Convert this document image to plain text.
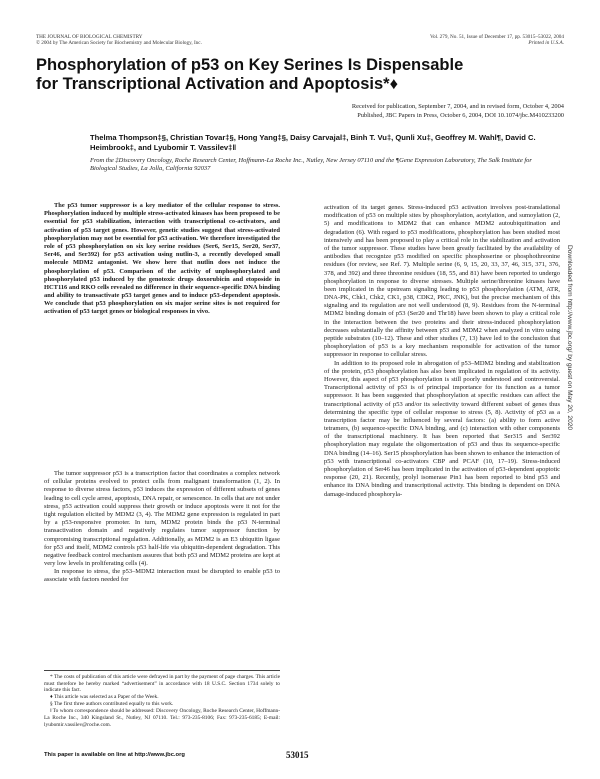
THE JOURNAL OF BIOLOGICAL CHEMISTRY
© 2004 by The American Society for Biochemistry and Molecular Biology, Inc.
Vol. 279, No. 51, Issue of December 17, pp. 53015–53022, 2004
Printed in U.S.A.
Phosphorylation of p53 on Key Serines Is Dispensable for Transcriptional Activation and Apoptosis*♦
Received for publication, September 7, 2004, and in revised form, October 4, 2004
Published, JBC Papers in Press, October 6, 2004, DOI 10.1074/jbc.M410233200
Thelma Thompson‡§, Christian Tovar‡§, Hong Yang‡§, Daisy Carvajal‡, Binh T. Vu‡, Qunli Xu‡, Geoffrey M. Wahl¶, David C. Heimbrook‡, and Lyubomir T. Vassilev‡‖
From the ‡Discovery Oncology, Roche Research Center, Hoffmann-La Roche Inc., Nutley, New Jersey 07110 and the ¶Gene Expression Laboratory, The Salk Institute for Biological Studies, La Jolla, California 92037

The p53 tumor suppressor is a key mediator of the cellular response to stress. Phosphorylation induced by multiple stress-activated kinases has been proposed to be essential for p53 stabilization, interaction with transcriptional co-activators, and activation of p53 target genes. However, genetic studies suggest that stress-activated phosphorylation may not be essential for p53 activation. We therefore investigated the role of p53 phosphorylation on six key serine residues (Ser6, Ser15, Ser20, Ser37, Ser46, and Ser392) for p53 activation using nutlin-3, a recently developed small molecule MDM2 antagonist. We show here that nutlin does not induce the phosphorylation of p53. Comparison of the activity of unphosphorylated and phosphorylated p53 induced by the genotoxic drugs doxorubicin and etoposide in HCT116 and RKO cells revealed no difference in their sequence-specific DNA binding and ability to transactivate p53 target genes and to induce p53-dependent apoptosis. We conclude that p53 phosphorylation on six major serine sites is not required for activation of p53 target genes or biological responses in vivo.

The tumor suppressor p53 is a transcription factor that coordinates a complex network of cellular proteins evolved to protect cells from malignant transformation (1, 2). In response to diverse stress factors, p53 induces the expression of different subsets of genes leading to cell cycle arrest, apoptosis, DNA repair, or senescence. In cells that are not under stress, p53 activation could suppress their growth or induce apoptosis were it not for the tight regulation elicited by MDM2 (3, 4). The MDM2 gene expression is regulated in part by a p53-responsive promoter. In turn, MDM2 protein binds the p53 N-terminal transactivation domain and negatively regulates tumor suppressor function by compromising transcriptional regulation. Additionally, as MDM2 is an E3 ubiquitin ligase for p53 and itself, MDM2 controls p53 half-life via ubiquitin-dependent degradation. This negative feedback control mechanism assures that both p53 and MDM2 proteins are kept at very low levels in proliferating cells (4).

In response to stress, the p53–MDM2 interaction must be disrupted to enable p53 to associate with factors needed for

* The costs of publication of this article were defrayed in part by the payment of page charges. This article must therefore be hereby marked “advertisement” in accordance with 18 U.S.C. Section 1734 solely to indicate this fact.

♦ This article was selected as a Paper of the Week.

§ The first three authors contributed equally to this work.

‖ To whom correspondence should be addressed: Discovery Oncology, Roche Research Center, Hoffmann-La Roche Inc., 340 Kingsland St., Nutley, NJ 07110. Tel.: 973-235-8106; Fax: 973-235-6185; E-mail: lyubomir.vassilev@roche.com.

activation of its target genes. Stress-induced p53 activation involves post-translational modification of p53 on multiple sites by phosphorylation, acetylation, and sumoylation (2, 5) and modifications to MDM2 that can enhance MDM2 autoubiquitination and degradation (6). With regard to p53 modifications, phosphorylation has been studied most intensively and has been proposed to play a critical role in the stabilization and activation of the tumor suppressor. These studies have been greatly facilitated by the availability of antibodies that recognize p53 modified on specific phosphoserine or phosphothreonine residues (for review, see Ref. 7). Multiple serine (6, 9, 15, 20, 33, 37, 46, 315, 371, 376, 378, and 392) and three threonine residues (18, 55, and 81) have been reported to undergo phosphorylation in response to diverse stresses. Multiple serine/threonine kinases have been implicated in the upstream signaling leading to p53 phosphorylation (ATM, ATR, DNA-PK, Chk1, Chk2, CK1, p38, CDK2, PKC, JNK), but the precise mechanism of this signaling and its regulation are not well understood (8, 9). Residues from the N-terminal MDM2 binding domain of p53 (Ser20 and Thr18) have been shown to play a critical role in the interaction between the two proteins and their stress-induced phosphorylation decreases substantially the affinity between p53 and MDM2 when analyzed in vitro using peptide substrates (10–12). These and other studies (7, 13) have led to the conclusion that phosphorylation of p53 is a key mechanism responsible for activation of the tumor suppressor in response to cellular stress.

In addition to its proposed role in abrogation of p53–MDM2 binding and stabilization of the protein, p53 phosphorylation has also been implicated in regulation of its activity. However, this aspect of p53 phosphorylation is still poorly understood and controversial. Transcriptional activity of p53 is of principal importance for its function as a tumor suppressor. It has been suggested that phosphorylation at specific residues can affect the transcriptional activity of p53 and/or its selectivity toward different subset of genes thus determining the specific type of cellular response to stress (5, 8). Activity of p53 as a transcription factor may be influenced by several factors: (a) ability to form active tetramers, (b) sequence-specific DNA binding, and (c) interaction with other components of the transcriptional machinery. It has been reported that Ser315 and Ser392 phosphorylation may regulate the oligomerization of p53 and thus its sequence-specific DNA binding (14–16). Ser15 phosphorylation has been shown to enhance the interaction of p53 with transcriptional co-activators CBP and PCAF (10, 17–19). Stress-induced phosphorylation of Ser46 has been implicated in the activation of p53-dependent apoptotic response (20, 21). Recently, prolyl isomerase Pin1 has been reported to bind p53 and enhance its DNA binding and transcriptional activity. This binding is dependent on DNA damage-induced phosphoryla-

This paper is available on line at http://www.jbc.org	53015
Downloaded from http://www.jbc.org/ by guest on May 20, 2020
